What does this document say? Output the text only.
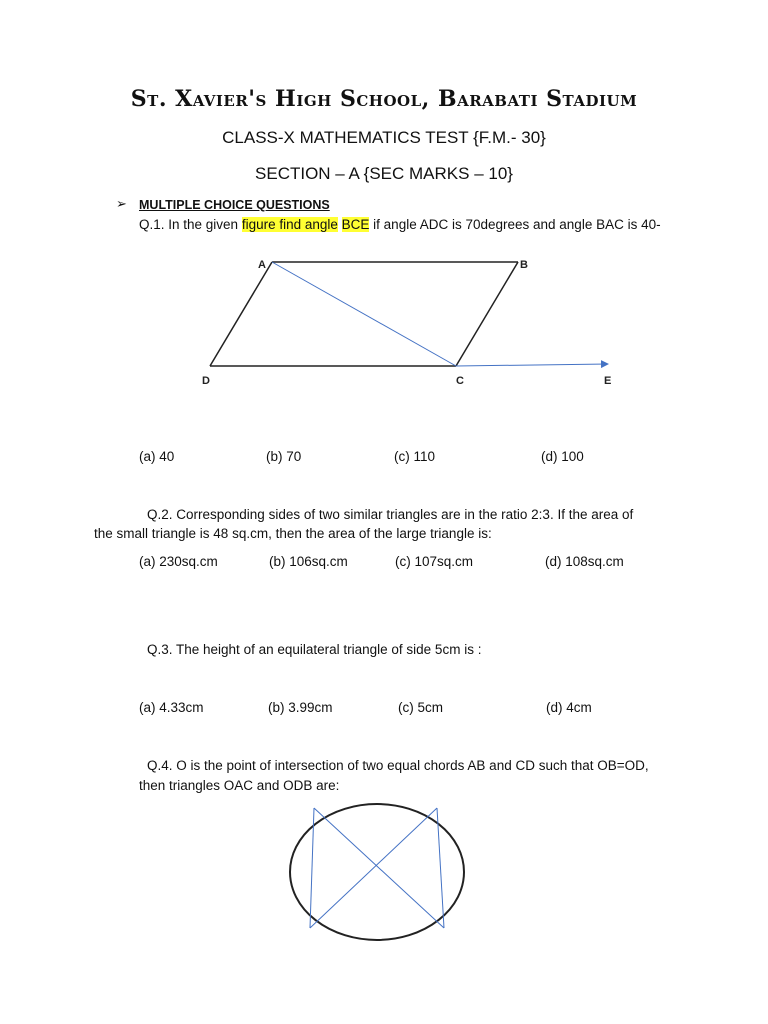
St. Xavier's High School, Barabati Stadium
CLASS-X MATHEMATICS TEST {F.M.- 30}
SECTION – A {SEC MARKS – 10}
➢ MULTIPLE CHOICE QUESTIONS
Q.1. In the given figure find angle BCE if angle ADC is 70degrees and angle BAC is 40-
A	B
C
D	E
(a) 40	(b) 70	(c) 110	(d) 100
Q.2. Corresponding sides of two similar triangles are in the ratio 2:3. If the area of
the small triangle is 48 sq.cm, then the area of the large triangle is:
(a) 230sq.cm	(b) 106sq.cm	(c) 107sq.cm	(d) 108sq.cm
Q.3. The height of an equilateral triangle of side 5cm is :
(a) 4.33cm	(b) 3.99cm	(c) 5cm	(d) 4cm
Q.4. O is the point of intersection of two equal chords AB and CD such that OB=OD,
then triangles OAC and ODB are:
